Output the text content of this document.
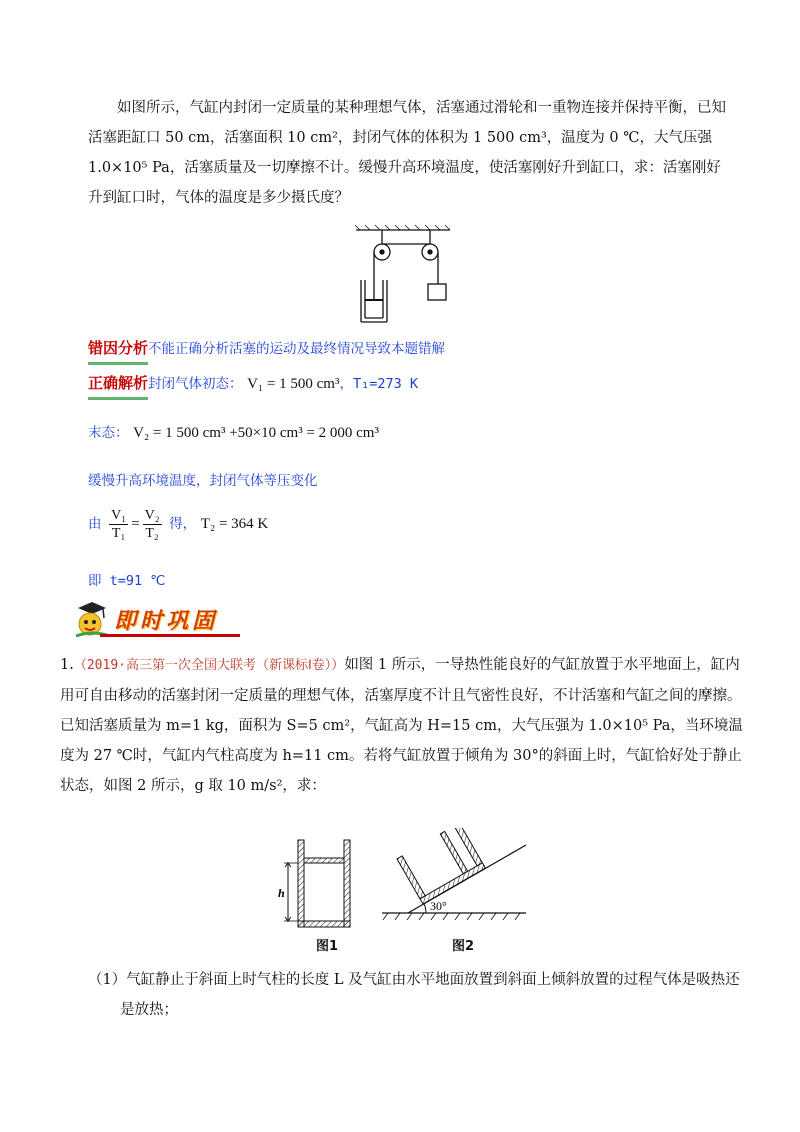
如图所示，气缸内封闭一定质量的某种理想气体，活塞通过滑轮和一重物连接并保持平衡，已知活塞距缸口 50 cm，活塞面积 10 cm²，封闭气体的体积为 1 500 cm³，温度为 0 ℃，大气压强 1.0×10⁵ Pa，活塞质量及一切摩擦不计。缓慢升高环境温度，使活塞刚好升到缸口，求：活塞刚好升到缸口时，气体的温度是多少摄氏度？
错因分析不能正确分析活塞的运动及最终情况导致本题错解
正确解析封闭气体初态： V₁ = 1 500 cm³，T₁=273 K
末态： V₂ = 1 500 cm³ +50×10 cm³ = 2 000 cm³
缓慢升高环境温度，封闭气体等压变化
由 $\frac{\text{V₁}}{\text{T₁}} = \frac{\text{V₂}}{\text{T₂}}$ 得， T₂ = 364 K
即 t=91 ℃
即时巩固
1.（2019·高三第一次全国大联考（新课标Ⅰ卷））如图 1 所示，一导热性能良好的气缸放置于水平地面上，缸内用可自由移动的活塞封闭一定质量的理想气体，活塞厚度不计且气密性良好，不计活塞和气缸之间的摩擦。已知活塞质量为 m=1 kg，面积为 S=5 cm²，气缸高为 H=15 cm，大气压强为 1.0×10⁵ Pa，当环境温度为 27 ℃时，气缸内气柱高度为 h=11 cm。若将气缸放置于倾角为 30°的斜面上时，气缸恰好处于静止状态，如图 2 所示，g 取 10 m/s²，求：
h
图1
30°
图2
（1）气缸静止于斜面上时气柱的长度 L 及气缸由水平地面放置到斜面上倾斜放置的过程气体是吸热还是放热；
